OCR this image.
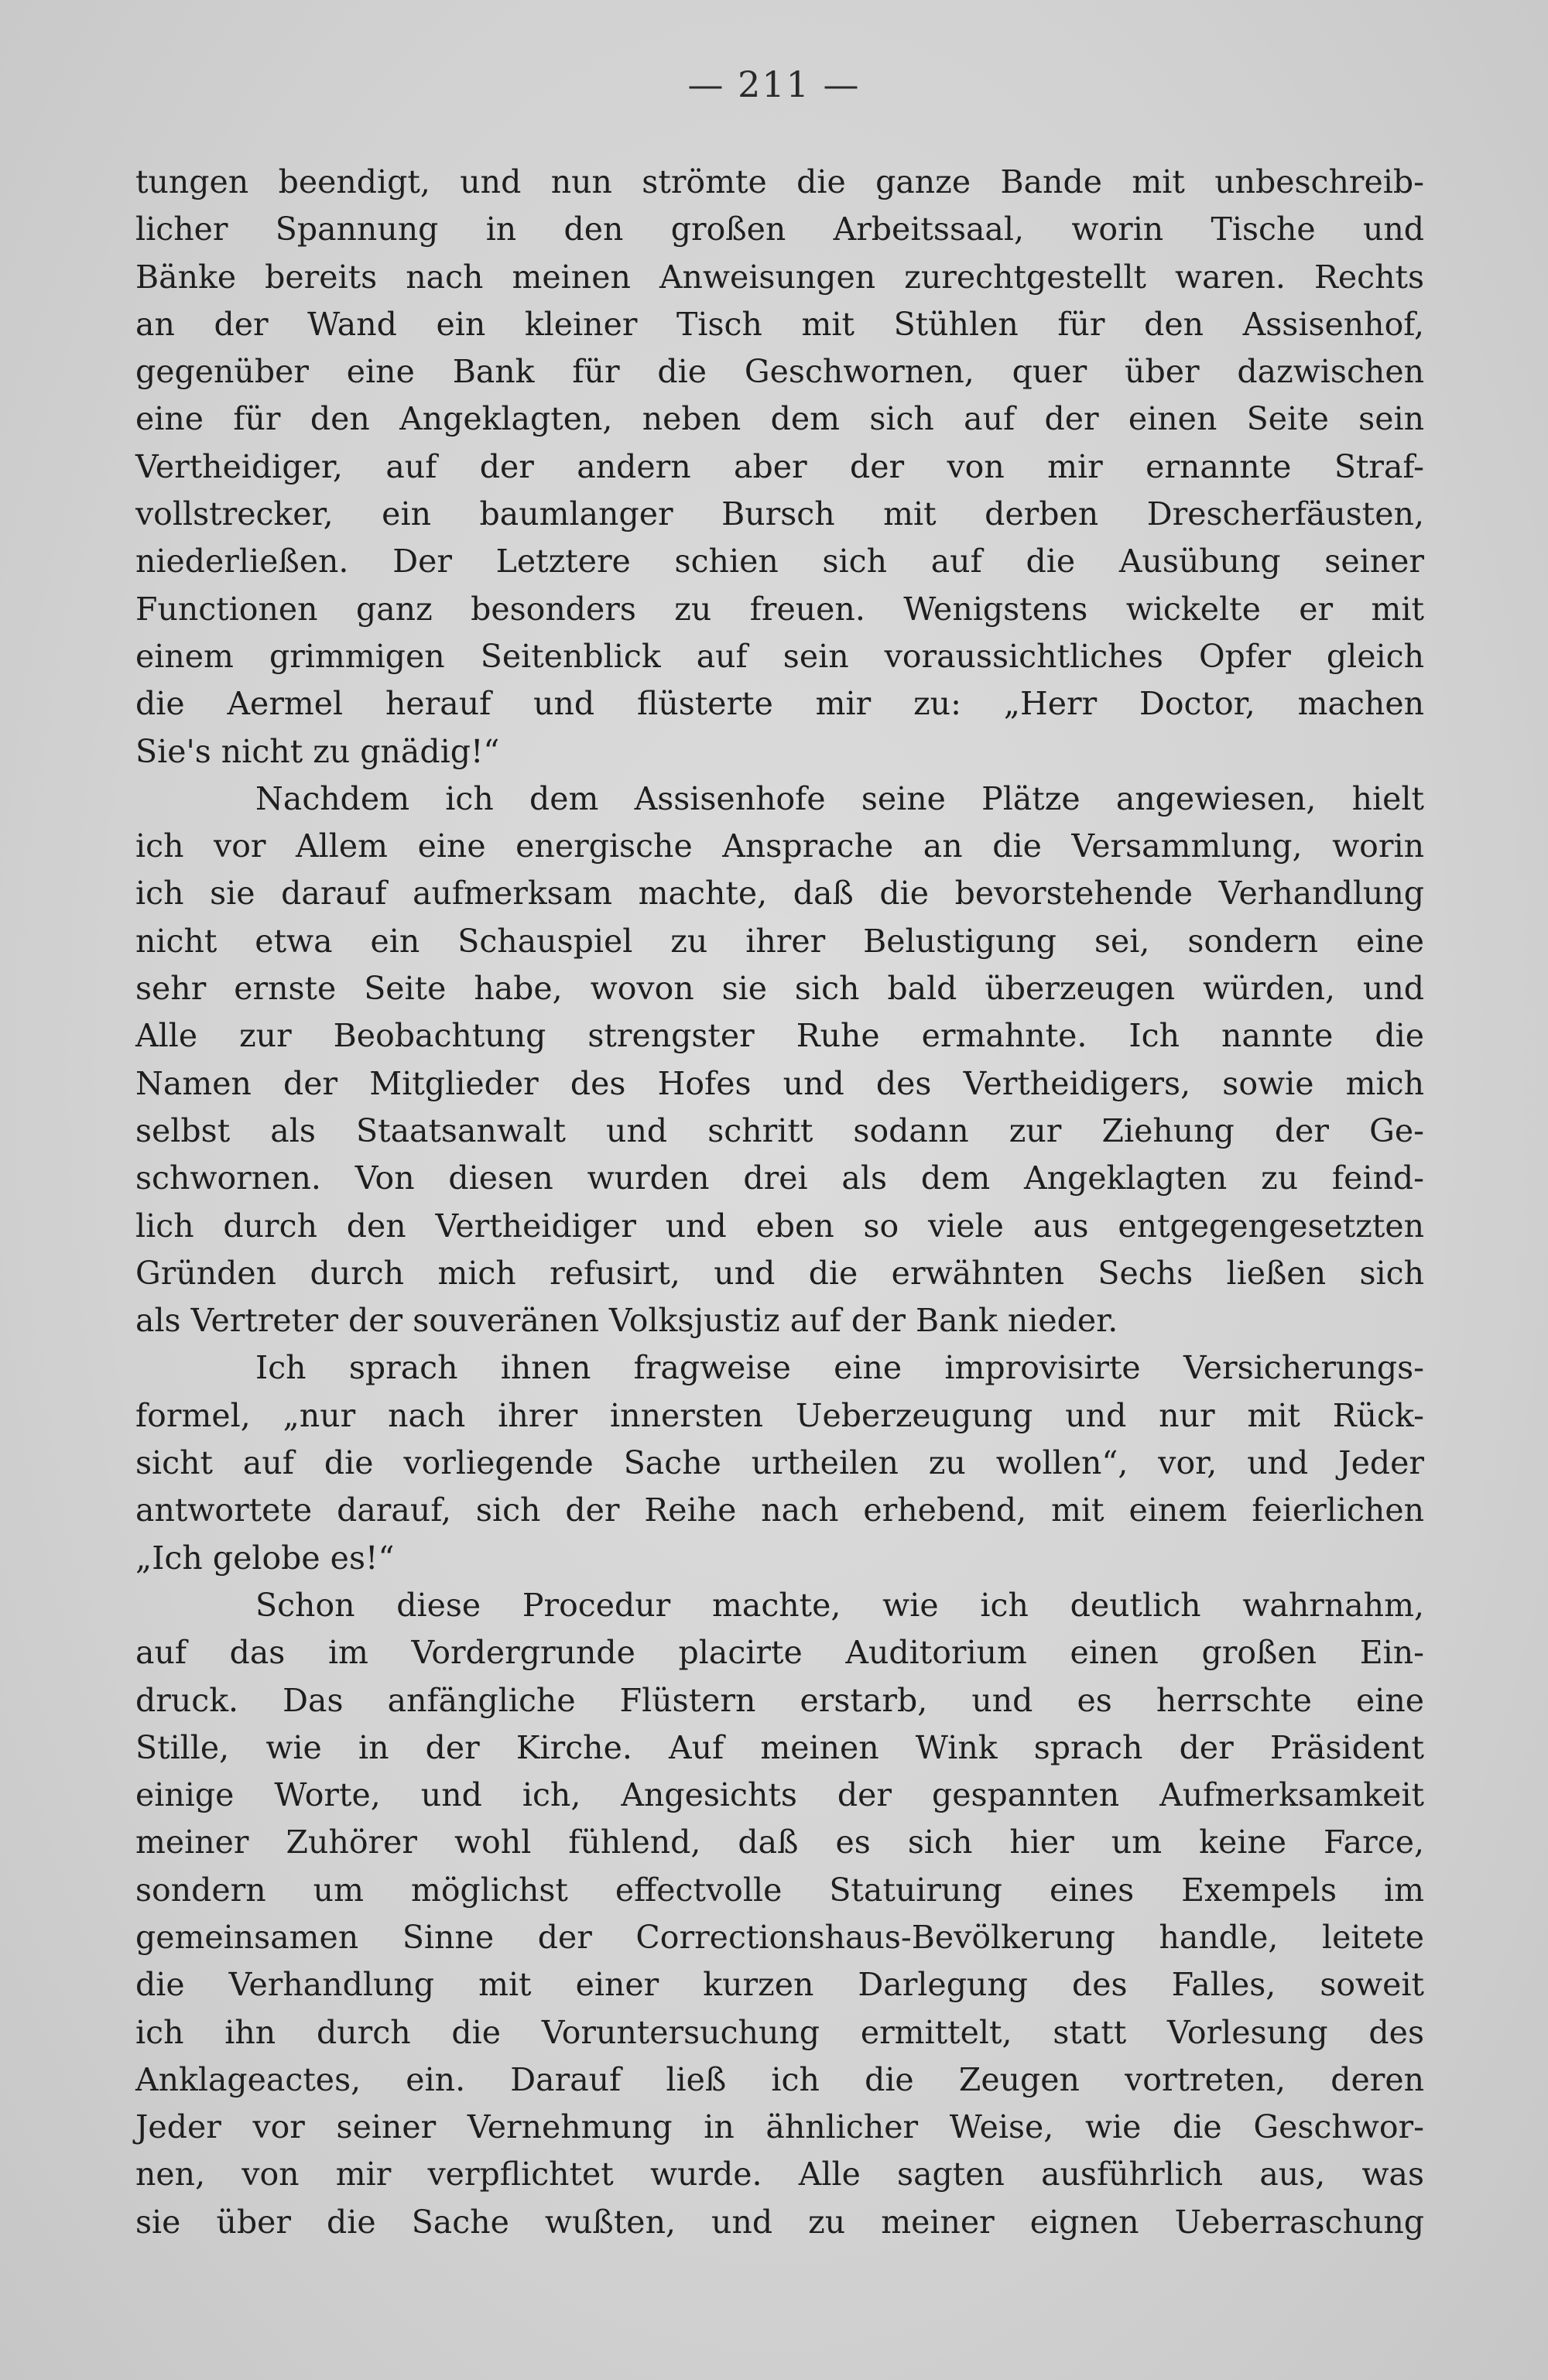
— 211 —
tungen beendigt, und nun strömte die ganze Bande mit unbeschreib-
licher Spannung in den großen Arbeitssaal, worin Tische und
Bänke bereits nach meinen Anweisungen zurechtgestellt waren. Rechts
an der Wand ein kleiner Tisch mit Stühlen für den Assisenhof,
gegenüber eine Bank für die Geschwornen, quer über dazwischen
eine für den Angeklagten, neben dem sich auf der einen Seite sein
Vertheidiger, auf der andern aber der von mir ernannte Straf-
vollstrecker, ein baumlanger Bursch mit derben Drescherfäusten,
niederließen. Der Letztere schien sich auf die Ausübung seiner
Functionen ganz besonders zu freuen. Wenigstens wickelte er mit
einem grimmigen Seitenblick auf sein voraussichtliches Opfer gleich
die Aermel herauf und flüsterte mir zu: „Herr Doctor, machen
Sie's nicht zu gnädig!“
Nachdem ich dem Assisenhofe seine Plätze angewiesen, hielt
ich vor Allem eine energische Ansprache an die Versammlung, worin
ich sie darauf aufmerksam machte, daß die bevorstehende Verhandlung
nicht etwa ein Schauspiel zu ihrer Belustigung sei, sondern eine
sehr ernste Seite habe, wovon sie sich bald überzeugen würden, und
Alle zur Beobachtung strengster Ruhe ermahnte. Ich nannte die
Namen der Mitglieder des Hofes und des Vertheidigers, sowie mich
selbst als Staatsanwalt und schritt sodann zur Ziehung der Ge-
schwornen. Von diesen wurden drei als dem Angeklagten zu feind-
lich durch den Vertheidiger und eben so viele aus entgegengesetzten
Gründen durch mich refusirt, und die erwähnten Sechs ließen sich
als Vertreter der souveränen Volksjustiz auf der Bank nieder.
Ich sprach ihnen fragweise eine improvisirte Versicherungs-
formel, „nur nach ihrer innersten Ueberzeugung und nur mit Rück-
sicht auf die vorliegende Sache urtheilen zu wollen“, vor, und Jeder
antwortete darauf, sich der Reihe nach erhebend, mit einem feierlichen
„Ich gelobe es!“
Schon diese Procedur machte, wie ich deutlich wahrnahm,
auf das im Vordergrunde placirte Auditorium einen großen Ein-
druck. Das anfängliche Flüstern erstarb, und es herrschte eine
Stille, wie in der Kirche. Auf meinen Wink sprach der Präsident
einige Worte, und ich, Angesichts der gespannten Aufmerksamkeit
meiner Zuhörer wohl fühlend, daß es sich hier um keine Farce,
sondern um möglichst effectvolle Statuirung eines Exempels im
gemeinsamen Sinne der Correctionshaus-Bevölkerung handle, leitete
die Verhandlung mit einer kurzen Darlegung des Falles, soweit
ich ihn durch die Voruntersuchung ermittelt, statt Vorlesung des
Anklageactes, ein. Darauf ließ ich die Zeugen vortreten, deren
Jeder vor seiner Vernehmung in ähnlicher Weise, wie die Geschwor-
nen, von mir verpflichtet wurde. Alle sagten ausführlich aus, was
sie über die Sache wußten, und zu meiner eignen Ueberraschung
